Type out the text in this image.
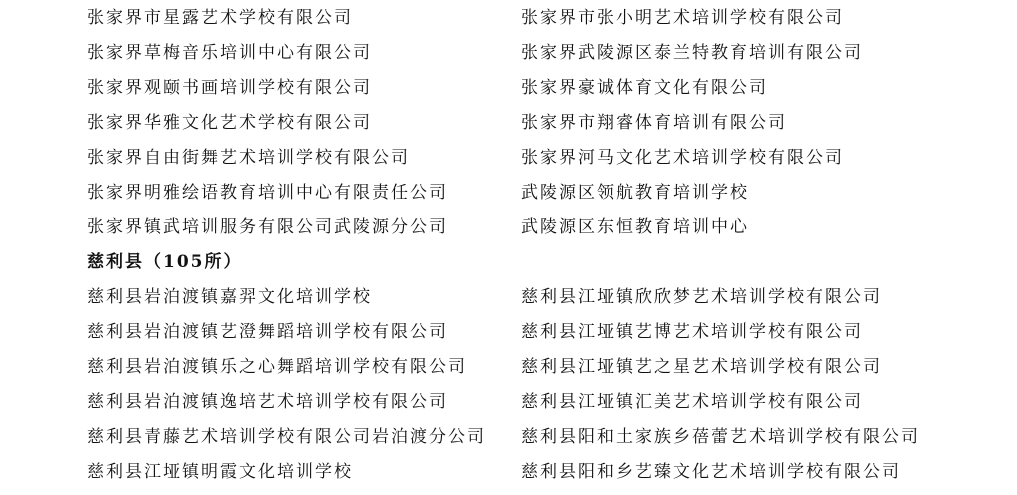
张家界市星露艺术学校有限公司	张家界市张小明艺术培训学校有限公司
张家界草梅音乐培训中心有限公司	张家界武陵源区泰兰特教育培训有限公司
张家界观颐书画培训学校有限公司	张家界豪诚体育文化有限公司
张家界华雅文化艺术学校有限公司	张家界市翔睿体育培训有限公司
张家界自由街舞艺术培训学校有限公司	张家界河马文化艺术培训学校有限公司
张家界明雅绘语教育培训中心有限责任公司	武陵源区领航教育培训学校
张家界镇武培训服务有限公司武陵源分公司	武陵源区东恒教育培训中心
慈利县（105所）
慈利县岩泊渡镇嘉羿文化培训学校	慈利县江垭镇欣欣梦艺术培训学校有限公司
慈利县岩泊渡镇艺澄舞蹈培训学校有限公司	慈利县江垭镇艺博艺术培训学校有限公司
慈利县岩泊渡镇乐之心舞蹈培训学校有限公司	慈利县江垭镇艺之星艺术培训学校有限公司
慈利县岩泊渡镇逸培艺术培训学校有限公司	慈利县江垭镇汇美艺术培训学校有限公司
慈利县青藤艺术培训学校有限公司岩泊渡分公司 慈利县阳和土家族乡蓓蕾艺术培训学校有限公司
慈利县江垭镇明霞文化培训学校	慈利县阳和乡艺臻文化艺术培训学校有限公司
